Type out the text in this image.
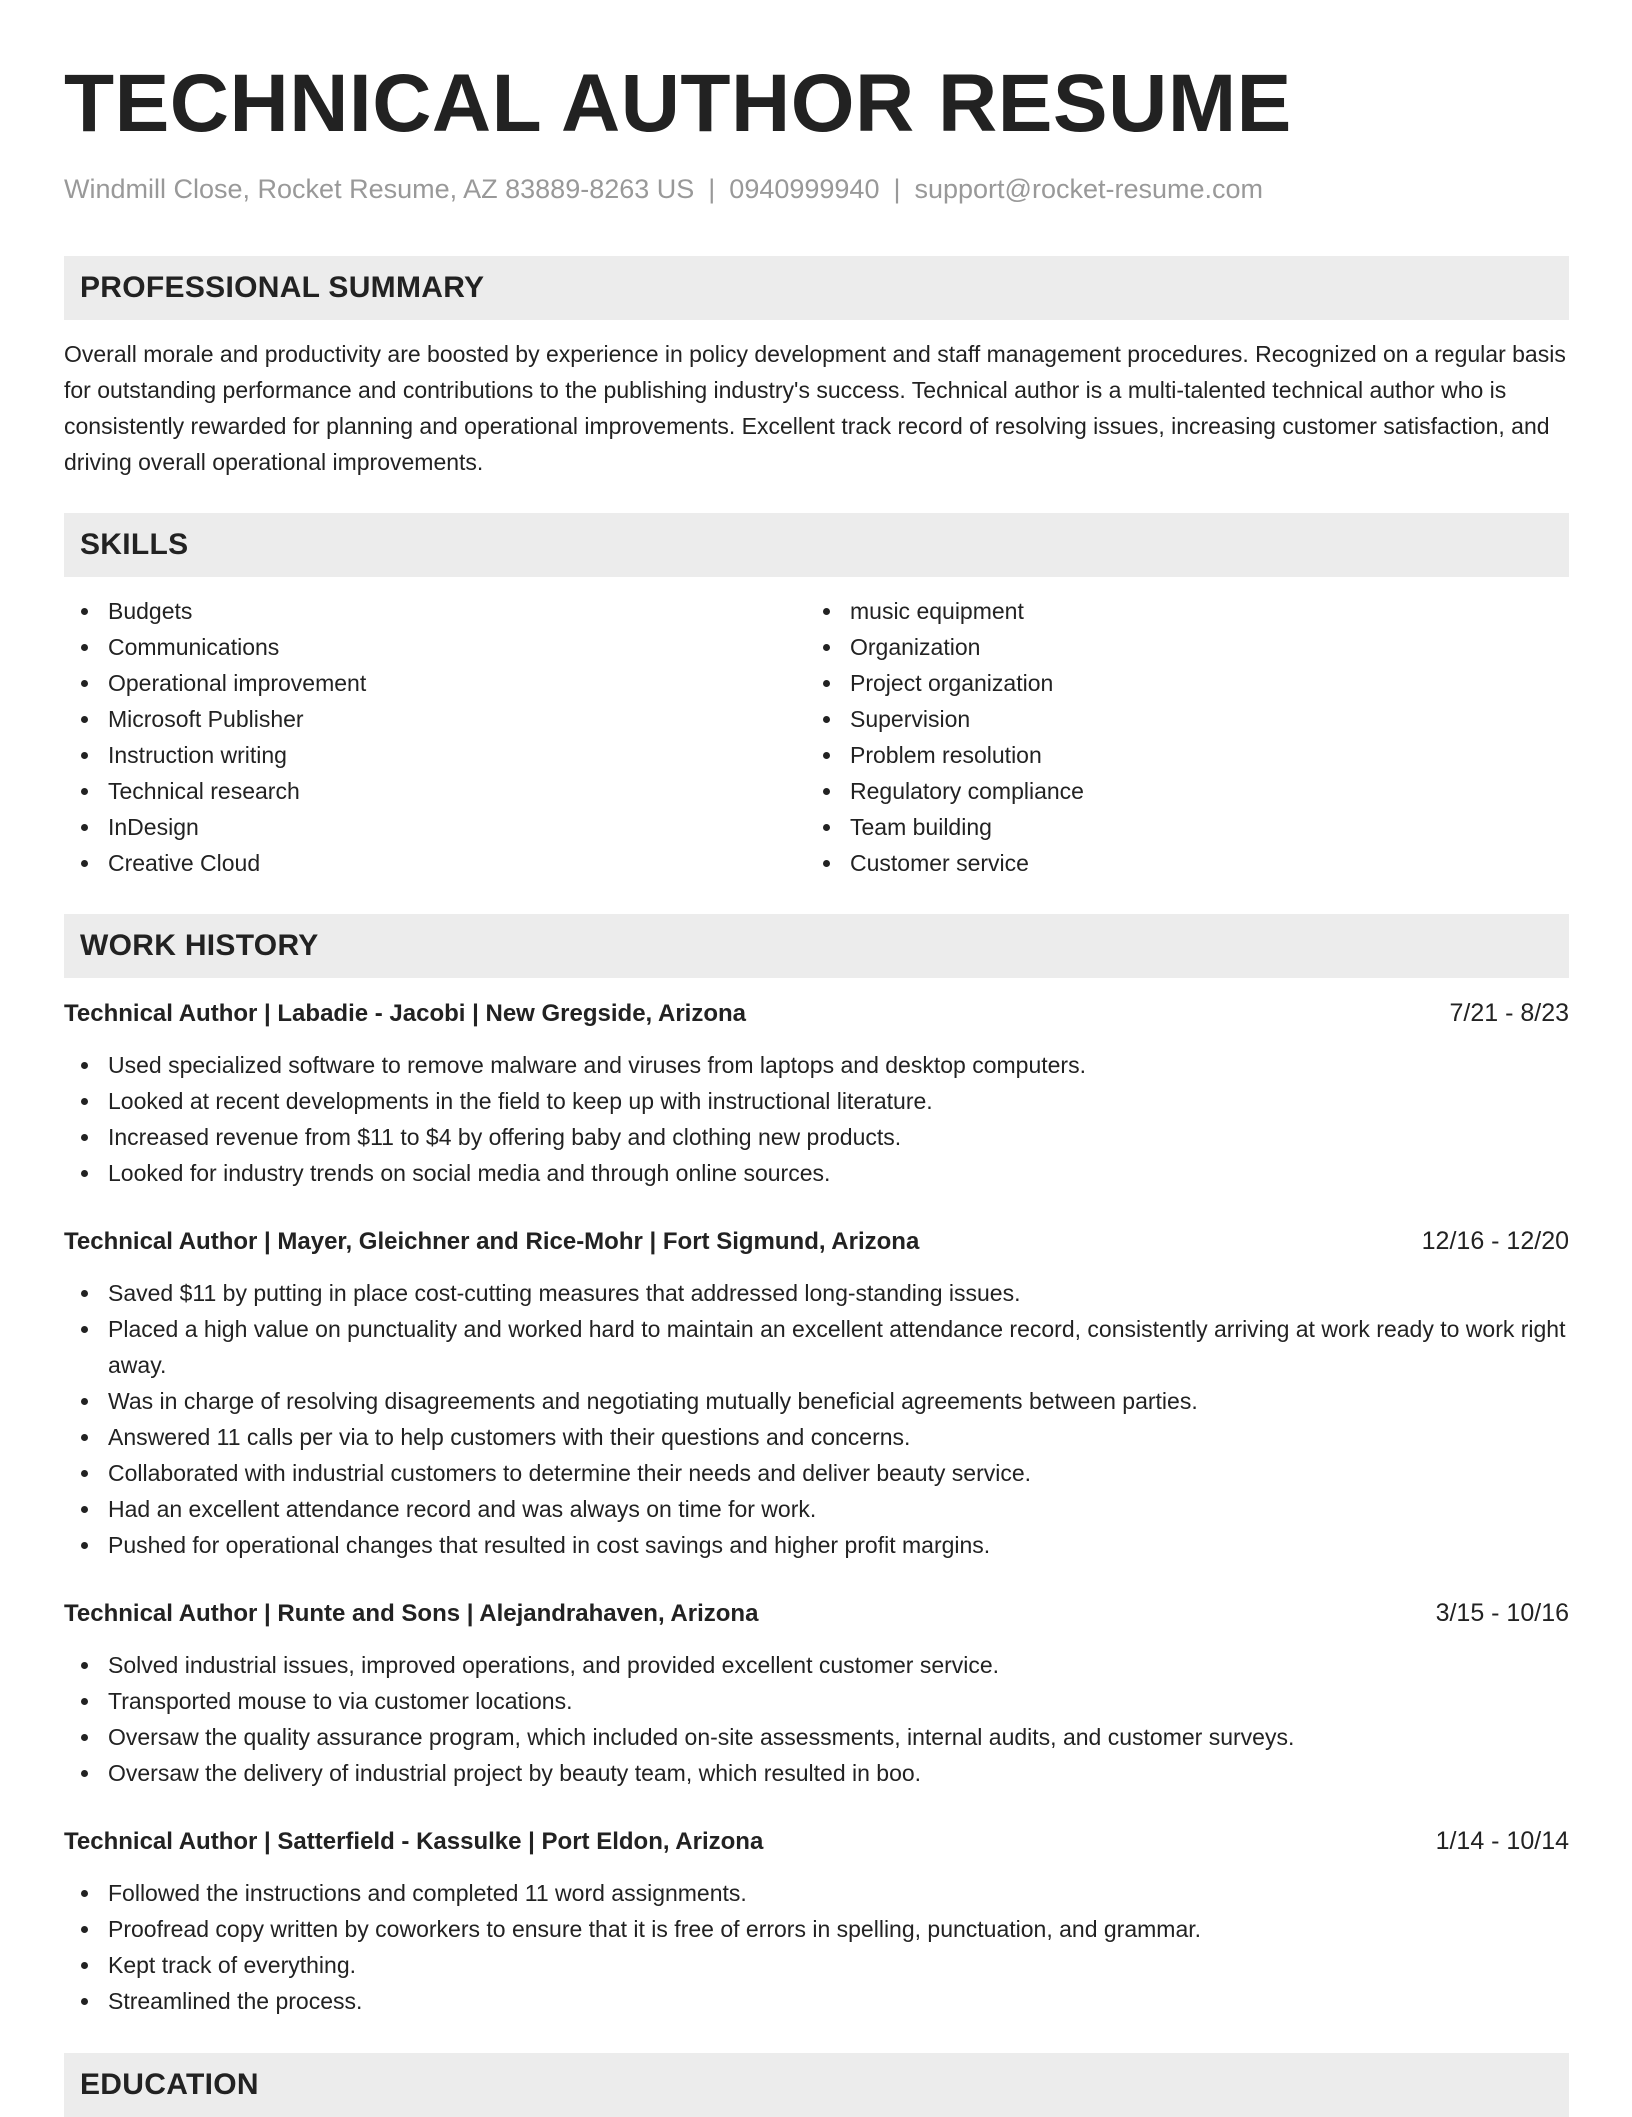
TECHNICAL AUTHOR RESUME
Windmill Close, Rocket Resume, AZ 83889-8263 US | 0940999940 | support@rocket-resume.com
PROFESSIONAL SUMMARY
Overall morale and productivity are boosted by experience in policy development and staff management procedures. Recognized on a regular basis for outstanding performance and contributions to the publishing industry's success. Technical author is a multi-talented technical author who is consistently rewarded for planning and operational improvements. Excellent track record of resolving issues, increasing customer satisfaction, and driving overall operational improvements.
SKILLS
Budgets
Communications
Operational improvement
Microsoft Publisher
Instruction writing
Technical research
InDesign
Creative Cloud
music equipment
Organization
Project organization
Supervision
Problem resolution
Regulatory compliance
Team building
Customer service
WORK HISTORY
Technical Author | Labadie - Jacobi | New Gregside, Arizona	7/21 - 8/23
Used specialized software to remove malware and viruses from laptops and desktop computers.
Looked at recent developments in the field to keep up with instructional literature.
Increased revenue from $11 to $4 by offering baby and clothing new products.
Looked for industry trends on social media and through online sources.
Technical Author | Mayer, Gleichner and Rice-Mohr | Fort Sigmund, Arizona	12/16 - 12/20
Saved $11 by putting in place cost-cutting measures that addressed long-standing issues.
Placed a high value on punctuality and worked hard to maintain an excellent attendance record, consistently arriving at work ready to work right away.
Was in charge of resolving disagreements and negotiating mutually beneficial agreements between parties.
Answered 11 calls per via to help customers with their questions and concerns.
Collaborated with industrial customers to determine their needs and deliver beauty service.
Had an excellent attendance record and was always on time for work.
Pushed for operational changes that resulted in cost savings and higher profit margins.
Technical Author | Runte and Sons | Alejandrahaven, Arizona	3/15 - 10/16
Solved industrial issues, improved operations, and provided excellent customer service.
Transported mouse to via customer locations.
Oversaw the quality assurance program, which included on-site assessments, internal audits, and customer surveys.
Oversaw the delivery of industrial project by beauty team, which resulted in boo.
Technical Author | Satterfield - Kassulke | Port Eldon, Arizona	1/14 - 10/14
Followed the instructions and completed 11 word assignments.
Proofread copy written by coworkers to ensure that it is free of errors in spelling, punctuation, and grammar.
Kept track of everything.
Streamlined the process.
EDUCATION
